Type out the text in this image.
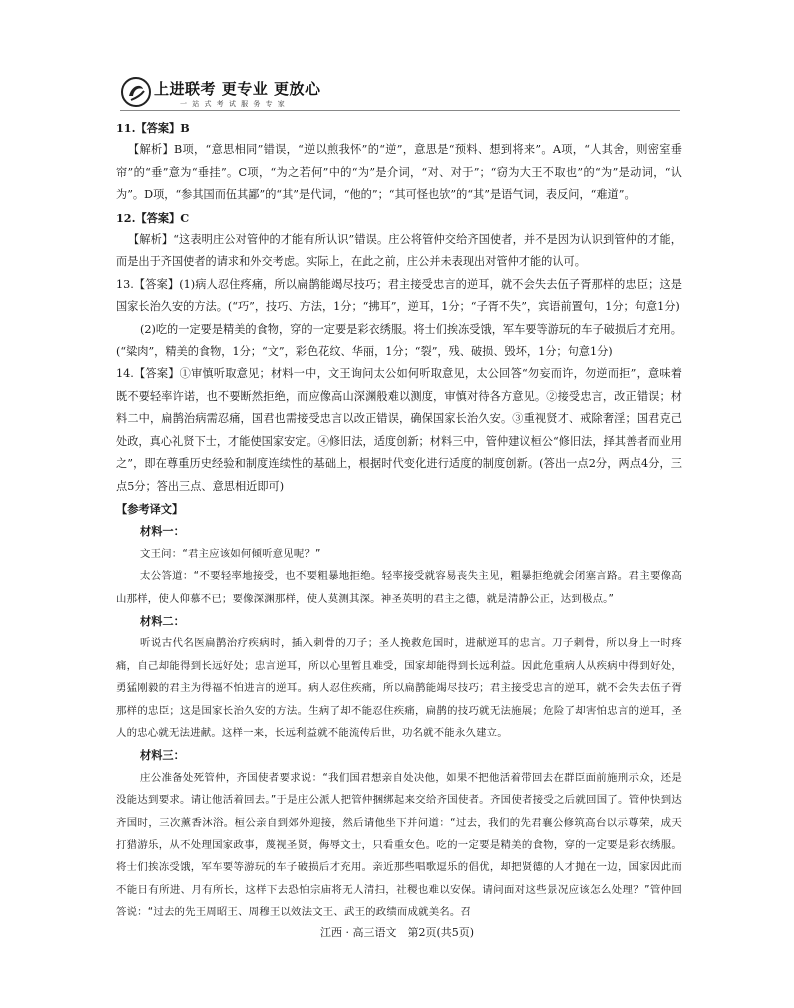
上进联考 更专业 更放心
一 站 式 考 试 服 务 专 家

11.【答案】B

【解析】B项，“意思相同”错误，“逆以煎我怀”的“逆”，意思是“预料、想到将来”。A项，“人其舍，则密室垂帘”的“垂”意为“垂挂”。C项，“为之若何”中的“为”是介词，“对、对于”；“窃为大王不取也”的“为”是动词，“认为”。D项，“参其国而伍其鄙”的“其”是代词，“他的”；“其可怪也欤”的“其”是语气词，表反问，“难道”。

12.【答案】C

【解析】“这表明庄公对管仲的才能有所认识”错误。庄公将管仲交给齐国使者，并不是因为认识到管仲的才能，而是出于齐国使者的请求和外交考虑。实际上，在此之前，庄公并未表现出对管仲才能的认可。

13.【答案】(1)病人忍住疼痛，所以扁鹊能竭尽技巧；君主接受忠言的逆耳，就不会失去伍子胥那样的忠臣；这是国家长治久安的方法。(“巧”，技巧、方法，1分；“拂耳”，逆耳，1分；“子胥不失”，宾语前置句，1分；句意1分)

(2)吃的一定要是精美的食物，穿的一定要是彩衣绣服。将士们挨冻受饿，军车要等游玩的车子破损后才充用。(“粱肉”，精美的食物，1分；“文”，彩色花纹、华丽，1分；“裂”，残、破损、毁坏，1分；句意1分)

14.【答案】①审慎听取意见；材料一中，文王询问太公如何听取意见，太公回答“勿妄而许，勿逆而拒”，意味着既不要轻率许诺，也不要断然拒绝，而应像高山深渊般难以测度，审慎对待各方意见。②接受忠言，改正错误；材料二中，扁鹊治病需忍痛，国君也需接受忠言以改正错误，确保国家长治久安。③重视贤才、戒除奢淫；国君克己处政，真心礼贤下士，才能使国家安定。④修旧法，适度创新；材料三中，管仲建议桓公“修旧法，择其善者而业用之”，即在尊重历史经验和制度连续性的基础上，根据时代变化进行适度的制度创新。(答出一点2分，两点4分，三点5分；答出三点、意思相近即可)

【参考译文】

材料一：

文王问：“君主应该如何倾听意见呢？”

太公答道：“不要轻率地接受，也不要粗暴地拒绝。轻率接受就容易丧失主见，粗暴拒绝就会闭塞言路。君主要像高山那样，使人仰慕不已；要像深渊那样，使人莫测其深。神圣英明的君主之德，就是清静公正，达到极点。”

材料二：

听说古代名医扁鹊治疗疾病时，插入刺骨的刀子；圣人挽救危国时，进献逆耳的忠言。刀子刺骨，所以身上一时疼痛，自己却能得到长远好处；忠言逆耳，所以心里暂且难受，国家却能得到长远利益。因此危重病人从疾病中得到好处，勇猛刚毅的君主为得福不怕进言的逆耳。病人忍住疾痛，所以扁鹊能竭尽技巧；君主接受忠言的逆耳，就不会失去伍子胥那样的忠臣；这是国家长治久安的方法。生病了却不能忍住疾痛，扁鹊的技巧就无法施展；危险了却害怕忠言的逆耳，圣人的忠心就无法进献。这样一来，长远利益就不能流传后世，功名就不能永久建立。

材料三：

庄公准备处死管仲，齐国使者要求说：“我们国君想亲自处决他，如果不把他活着带回去在群臣面前施刑示众，还是没能达到要求。请让他活着回去。”于是庄公派人把管仲捆绑起来交给齐国使者。齐国使者接受之后就回国了。管仲快到达齐国时，三次薰香沐浴。桓公亲自到郊外迎接，然后请他坐下并问道：“过去，我们的先君襄公修筑高台以示尊荣，成天打猎游乐，从不处理国家政事，蔑视圣贤，侮辱文士，只看重女色。吃的一定要是精美的食物，穿的一定要是彩衣绣服。将士们挨冻受饿，军车要等游玩的车子破损后才充用。亲近那些唱歌逗乐的倡优，却把贤德的人才抛在一边，国家因此而不能日有所进、月有所长，这样下去恐怕宗庙将无人清扫，社稷也难以安保。请问面对这些景况应该怎么处理？”管仲回答说：“过去的先王周昭王、周穆王以效法文王、武王的政绩而成就美名。召

江西 · 高三语文　第2页(共5页)
